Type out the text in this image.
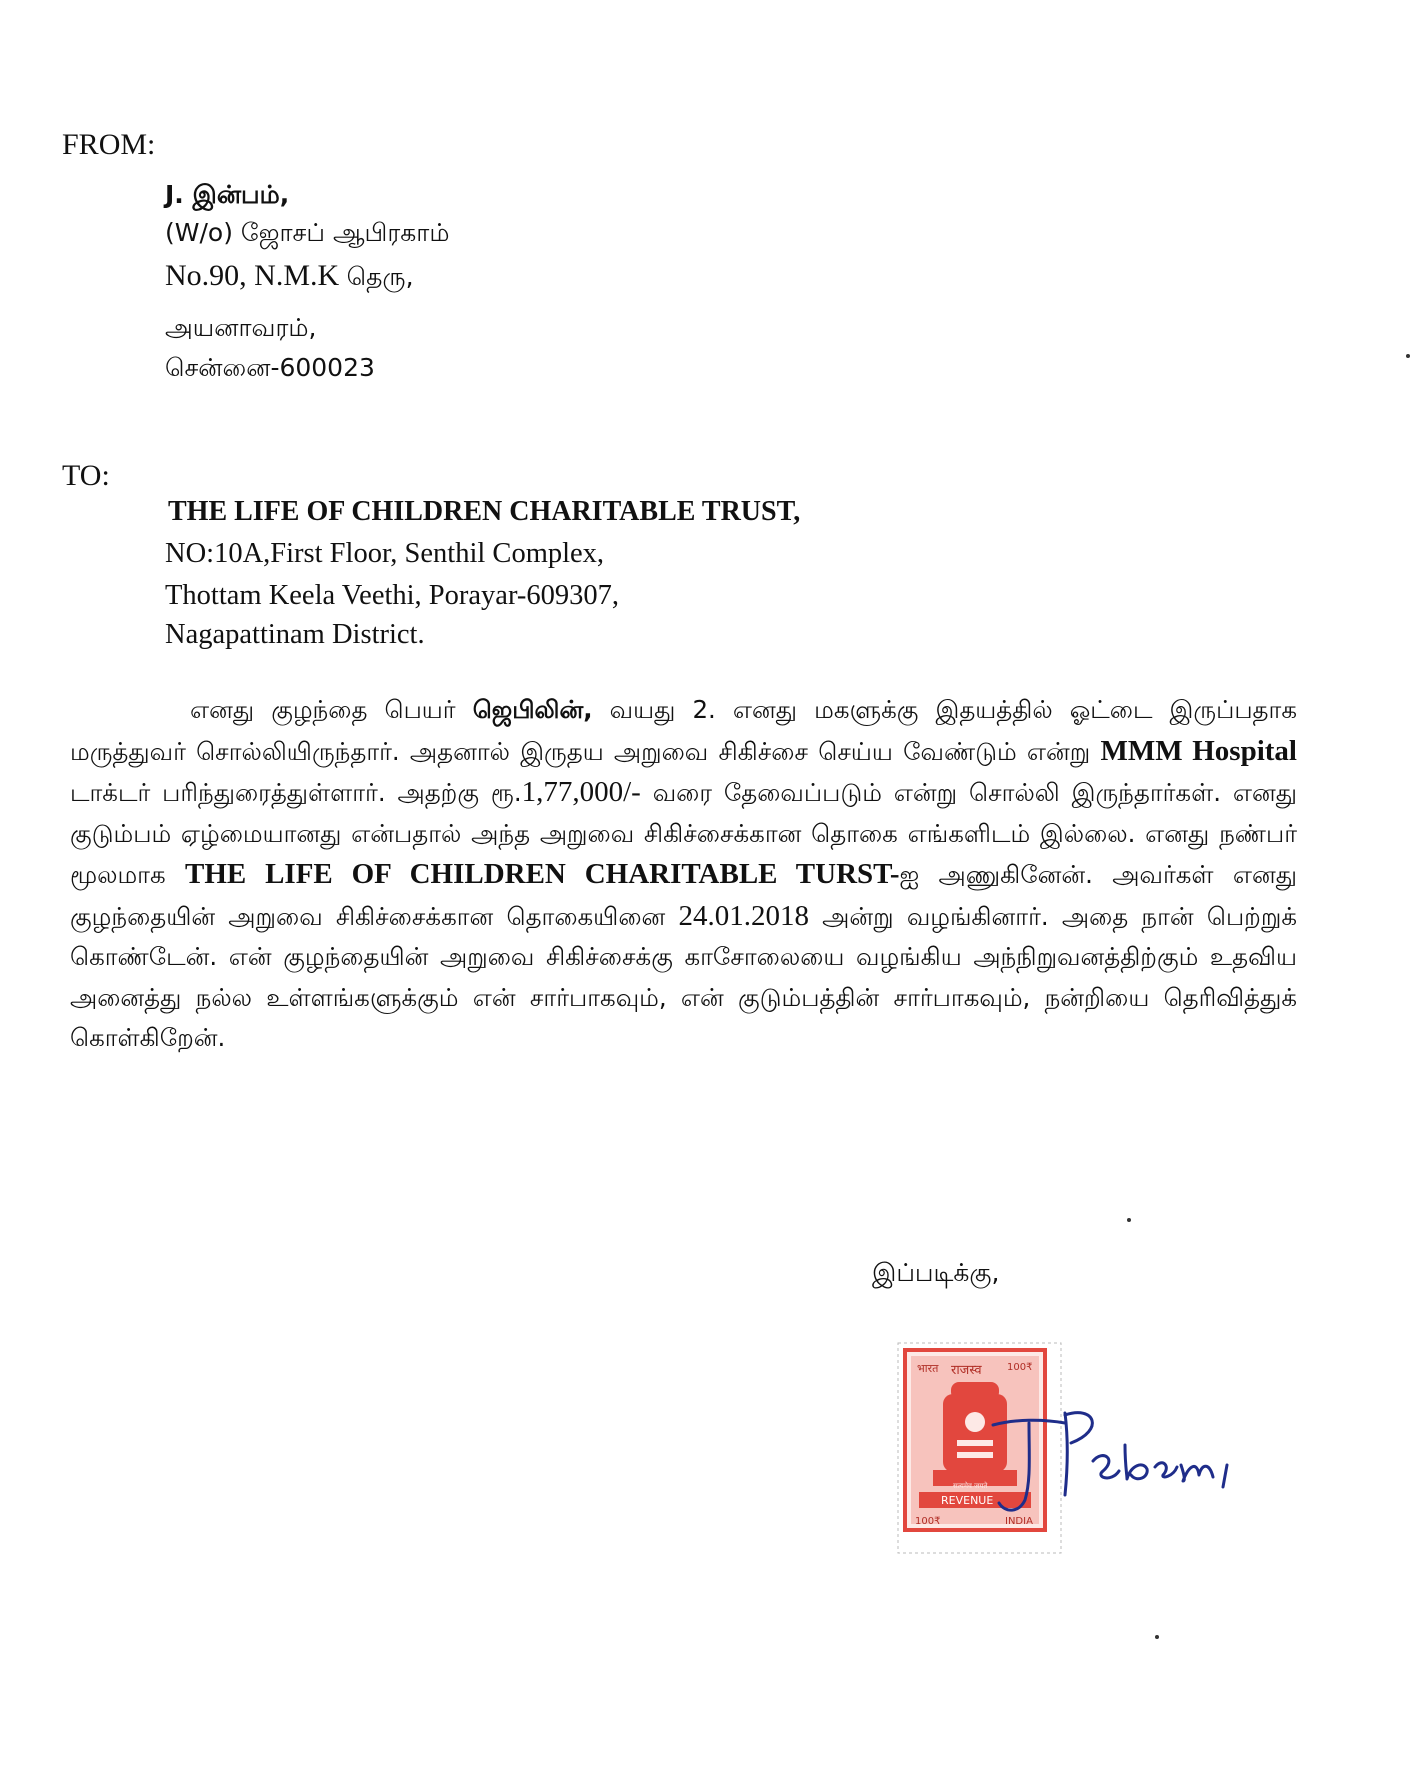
FROM:
J. இன்பம்,
(W/o) ஜோசப் ஆபிரகாம்
No.90, N.M.K தெரு,
அயனாவரம்,
சென்னை-600023
TO:
THE LIFE OF CHILDREN CHARITABLE TRUST,
NO:10A,First Floor, Senthil Complex,
Thottam Keela Veethi, Porayar-609307,
Nagapattinam District.
எனது குழந்தை பெயர் ஜெபிலின், வயது 2. எனது மகளுக்கு இதயத்தில் ஓட்டை இருப்பதாக மருத்துவர் சொல்லியிருந்தார். அதனால் இருதய அறுவை சிகிச்சை செய்ய வேண்டும் என்று MMM Hospital டாக்டர் பரிந்துரைத்துள்ளார். அதற்கு ரூ.1,77,000/- வரை தேவைப்படும் என்று சொல்லி இருந்தார்கள். எனது குடும்பம் ஏழ்மையானது என்பதால் அந்த அறுவை சிகிச்சைக்கான தொகை எங்களிடம் இல்லை. எனது நண்பர் மூலமாக THE LIFE OF CHILDREN CHARITABLE TURST-ஐ அணுகினேன். அவர்கள் எனது குழந்தையின் அறுவை சிகிச்சைக்கான தொகையினை 24.01.2018 அன்று வழங்கினார். அதை நான் பெற்றுக் கொண்டேன். என் குழந்தையின் அறுவை சிகிச்சைக்கு காசோலையை வழங்கிய அந்நிறுவனத்திற்கும் உதவிய அனைத்து நல்ல உள்ளங்களுக்கும் என் சார்பாகவும், என் குடும்பத்தின் சார்பாகவும், நன்றியை தெரிவித்துக் கொள்கிறேன்.
இப்படிக்கு,
भारत राजस्व	100₹
सत्यमेव जयते
REVENUE
100₹	INDIA
